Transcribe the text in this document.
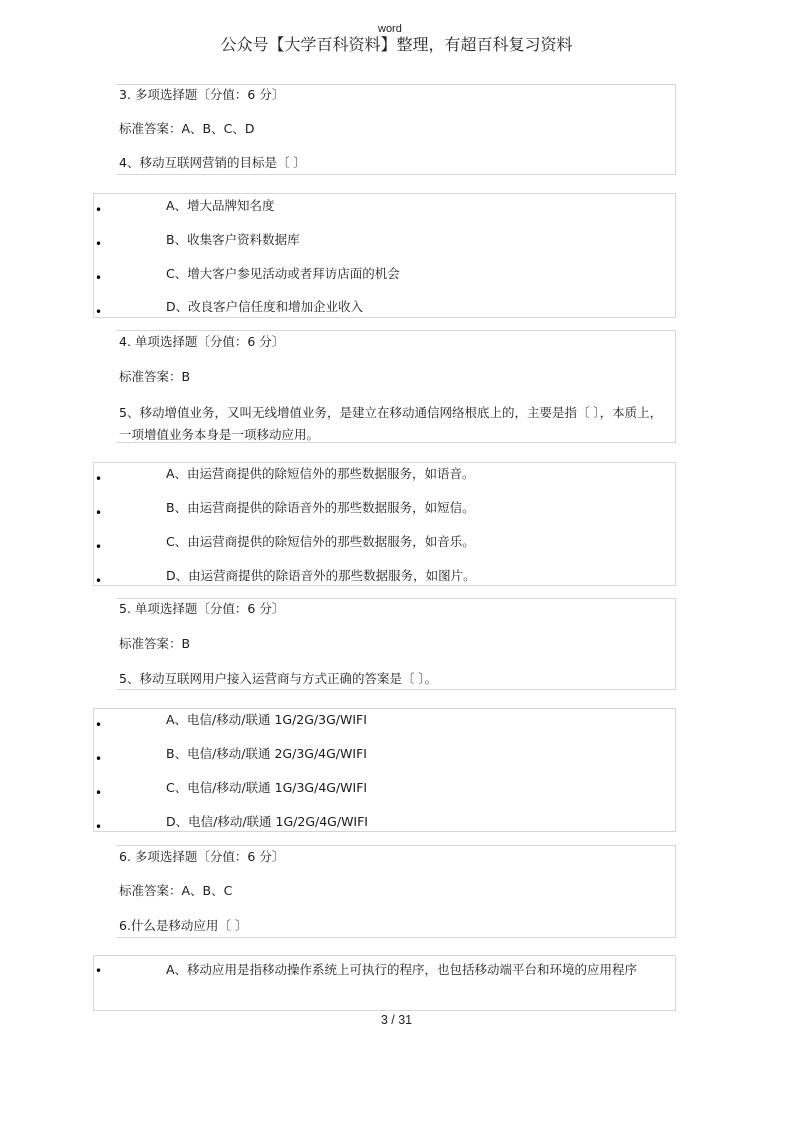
word
公众号【大学百科资料】整理，有超百科复习资料
3. 多项选择题〔分值：6 分〕
标准答案：A、B、C、D
4、移动互联网营销的目标是〔 〕
•	A、增大品牌知名度
•	B、收集客户资料数据库
•	C、增大客户参见活动或者拜访店面的机会
•	D、改良客户信任度和增加企业收入
4. 单项选择题〔分值：6 分〕
标准答案：B
5、移动增值业务，又叫无线增值业务，是建立在移动通信网络根底上的，主要是指〔 〕，本质上，一项增值业务本身是一项移动应用。
•	A、由运营商提供的除短信外的那些数据服务，如语音。
•	B、由运营商提供的除语音外的那些数据服务，如短信。
•	C、由运营商提供的除短信外的那些数据服务，如音乐。
•	D、由运营商提供的除语音外的那些数据服务，如图片。
5. 单项选择题〔分值：6 分〕
标准答案：B
5、移动互联网用户接入运营商与方式正确的答案是〔 〕。
•	A、电信/移动/联通 1G/2G/3G/WIFI
•	B、电信/移动/联通 2G/3G/4G/WIFI
•	C、电信/移动/联通 1G/3G/4G/WIFI
•	D、电信/移动/联通 1G/2G/4G/WIFI
6. 多项选择题〔分值：6 分〕
标准答案：A、B、C
6.什么是移动应用〔 〕
•	A、移动应用是指移动操作系统上可执行的程序，也包括移动端平台和环境的应用程序
3 / 31
